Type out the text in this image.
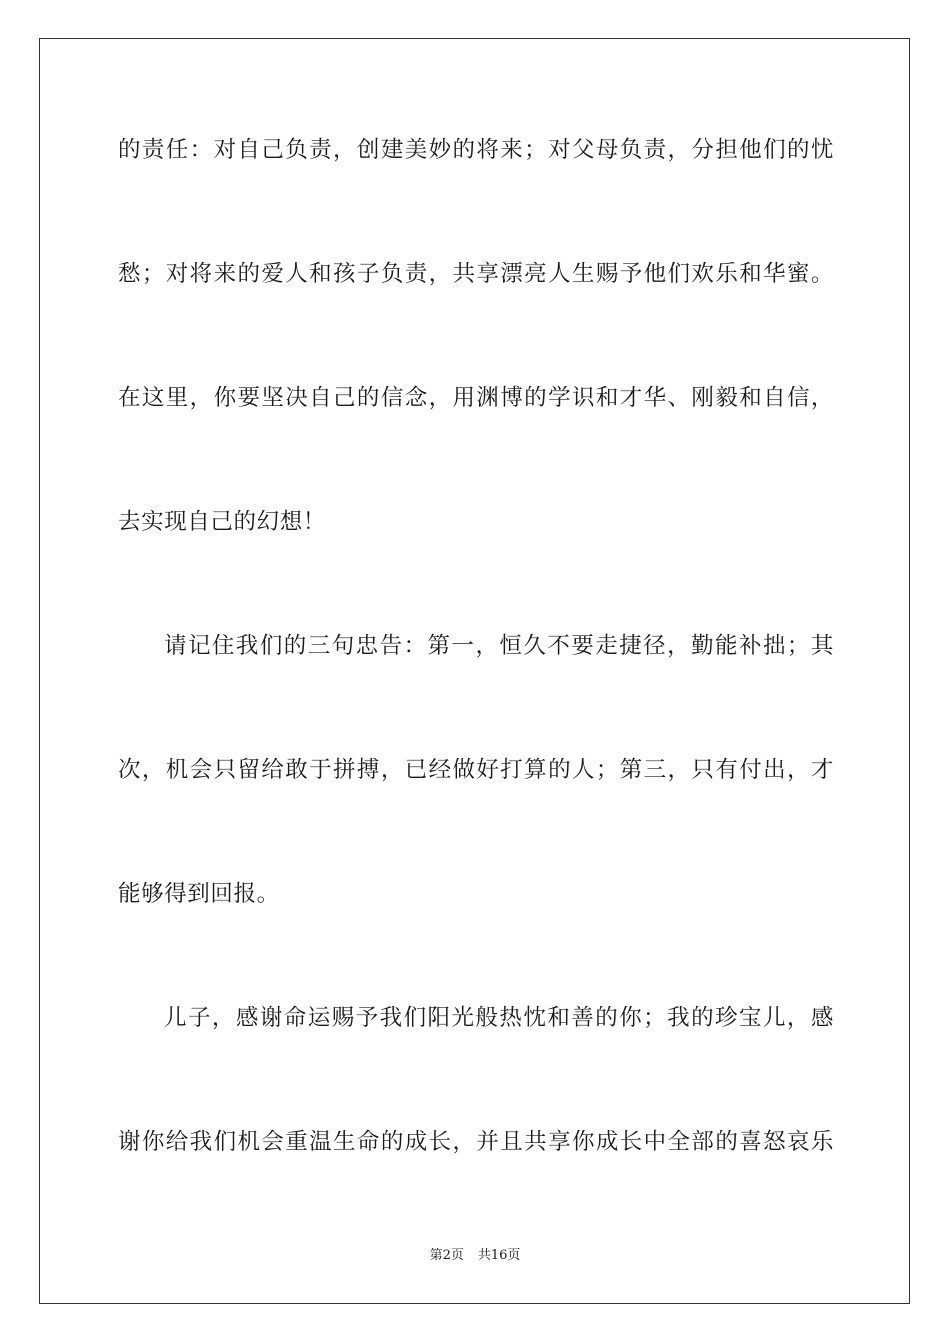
的责任：对自己负责，创建美妙的将来；对父母负责，分担他们的忧
愁；对将来的爱人和孩子负责，共享漂亮人生赐予他们欢乐和华蜜。
在这里，你要坚决自己的信念，用渊博的学识和才华、刚毅和自信，
去实现自己的幻想！
请记住我们的三句忠告：第一，恒久不要走捷径，勤能补拙；其
次，机会只留给敢于拼搏，已经做好打算的人；第三，只有付出，才
能够得到回报。
儿子，感谢命运赐予我们阳光般热忱和善的你；我的珍宝儿，感
谢你给我们机会重温生命的成长，并且共享你成长中全部的喜怒哀乐
第2页 共16页
